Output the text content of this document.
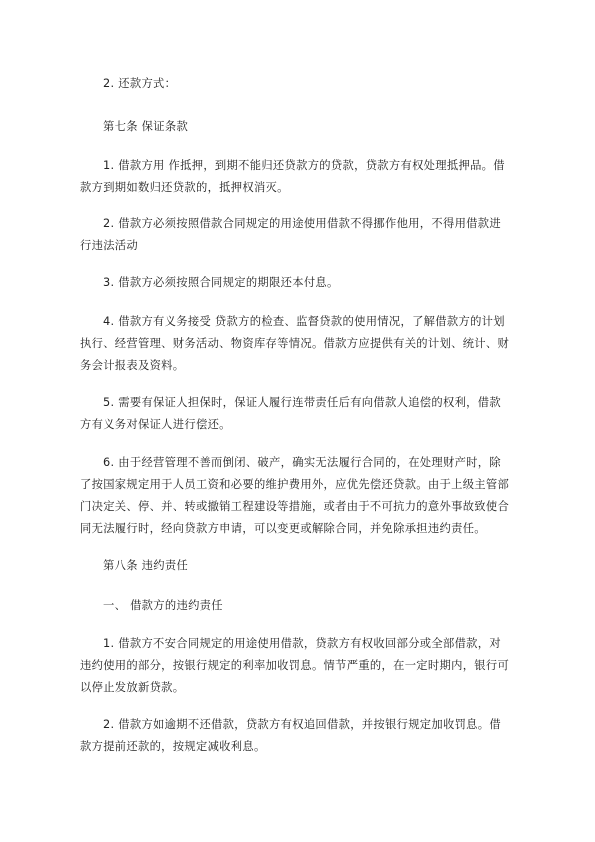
2. 还款方式：
第七条 保证条款
1. 借款方用 作抵押，到期不能归还贷款方的贷款，贷款方有权处理抵押品。借
款方到期如数归还贷款的，抵押权消灭。
2. 借款方必须按照借款合同规定的用途使用借款不得挪作他用，不得用借款进
行违法活动
3. 借款方必须按照合同规定的期限还本付息。
4. 借款方有义务接受 贷款方的检查、监督贷款的使用情况，了解借款方的计划
执行、经营管理、财务活动、物资库存等情况。借款方应提供有关的计划、统计、财
务会计报表及资料。
5. 需要有保证人担保时，保证人履行连带责任后有向借款人追偿的权利，借款
方有义务对保证人进行偿还。
6. 由于经营管理不善而倒闭、破产，确实无法履行合同的，在处理财产时，除
了按国家规定用于人员工资和必要的维护费用外，应优先偿还贷款。由于上级主管部
门决定关、停、并、转或撤销工程建设等措施，或者由于不可抗力的意外事故致使合
同无法履行时，经向贷款方申请，可以变更或解除合同，并免除承担违约责任。
第八条 违约责任
一、 借款方的违约责任
1. 借款方不安合同规定的用途使用借款，贷款方有权收回部分或全部借款，对
违约使用的部分，按银行规定的利率加收罚息。情节严重的，在一定时期内，银行可
以停止发放新贷款。
2. 借款方如逾期不还借款，贷款方有权追回借款，并按银行规定加收罚息。借
款方提前还款的，按规定减收利息。
